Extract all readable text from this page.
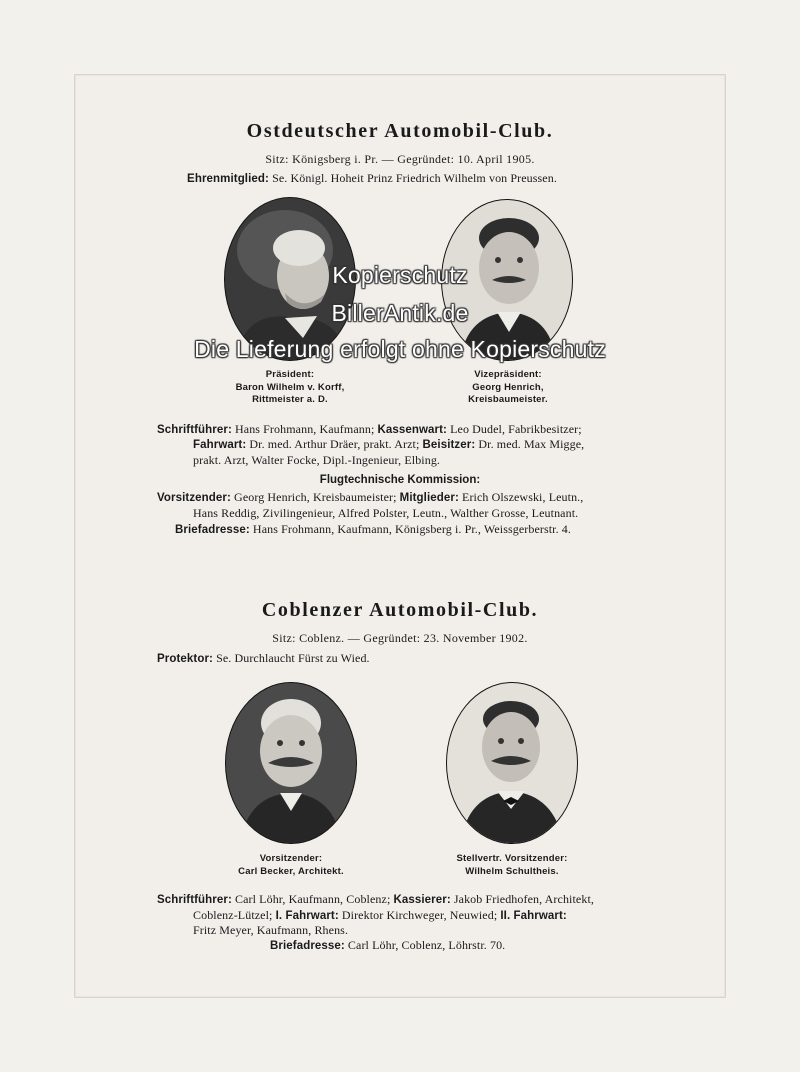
Ostdeutscher Automobil-Club.
Sitz: Königsberg i. Pr. — Gegründet: 10. April 1905.
Ehrenmitglied: Se. Königl. Hoheit Prinz Friedrich Wilhelm von Preussen.
Präsident:
Baron Wilhelm v. Korff,
Rittmeister a. D.
Vizepräsident:
Georg Henrich,
Kreisbaumeister.
Schriftführer: Hans Frohmann, Kaufmann; Kassenwart: Leo Dudel, Fabrikbesitzer;
Fahrwart: Dr. med. Arthur Dräer, prakt. Arzt; Beisitzer: Dr. med. Max Migge,
prakt. Arzt, Walter Focke, Dipl.-Ingenieur, Elbing.
Flugtechnische Kommission:
Vorsitzender: Georg Henrich, Kreisbaumeister; Mitglieder: Erich Olszewski, Leutn.,
Hans Reddig, Zivilingenieur, Alfred Polster, Leutn., Walther Grosse, Leutnant.
Briefadresse: Hans Frohmann, Kaufmann, Königsberg i. Pr., Weissgerberstr. 4.
Coblenzer Automobil-Club.
Sitz: Coblenz. — Gegründet: 23. November 1902.
Protektor: Se. Durchlaucht Fürst zu Wied.
Vorsitzender:
Carl Becker, Architekt.
Stellvertr. Vorsitzender:
Wilhelm Schultheis.
Schriftführer: Carl Löhr, Kaufmann, Coblenz; Kassierer: Jakob Friedhofen, Architekt,
Coblenz-Lützel; I. Fahrwart: Direktor Kirchweger, Neuwied; II. Fahrwart:
Fritz Meyer, Kaufmann, Rhens.
Briefadresse: Carl Löhr, Coblenz, Löhrstr. 70.
Kopierschutz
BillerAntik.de
Die Lieferung erfolgt ohne Kopierschutz
